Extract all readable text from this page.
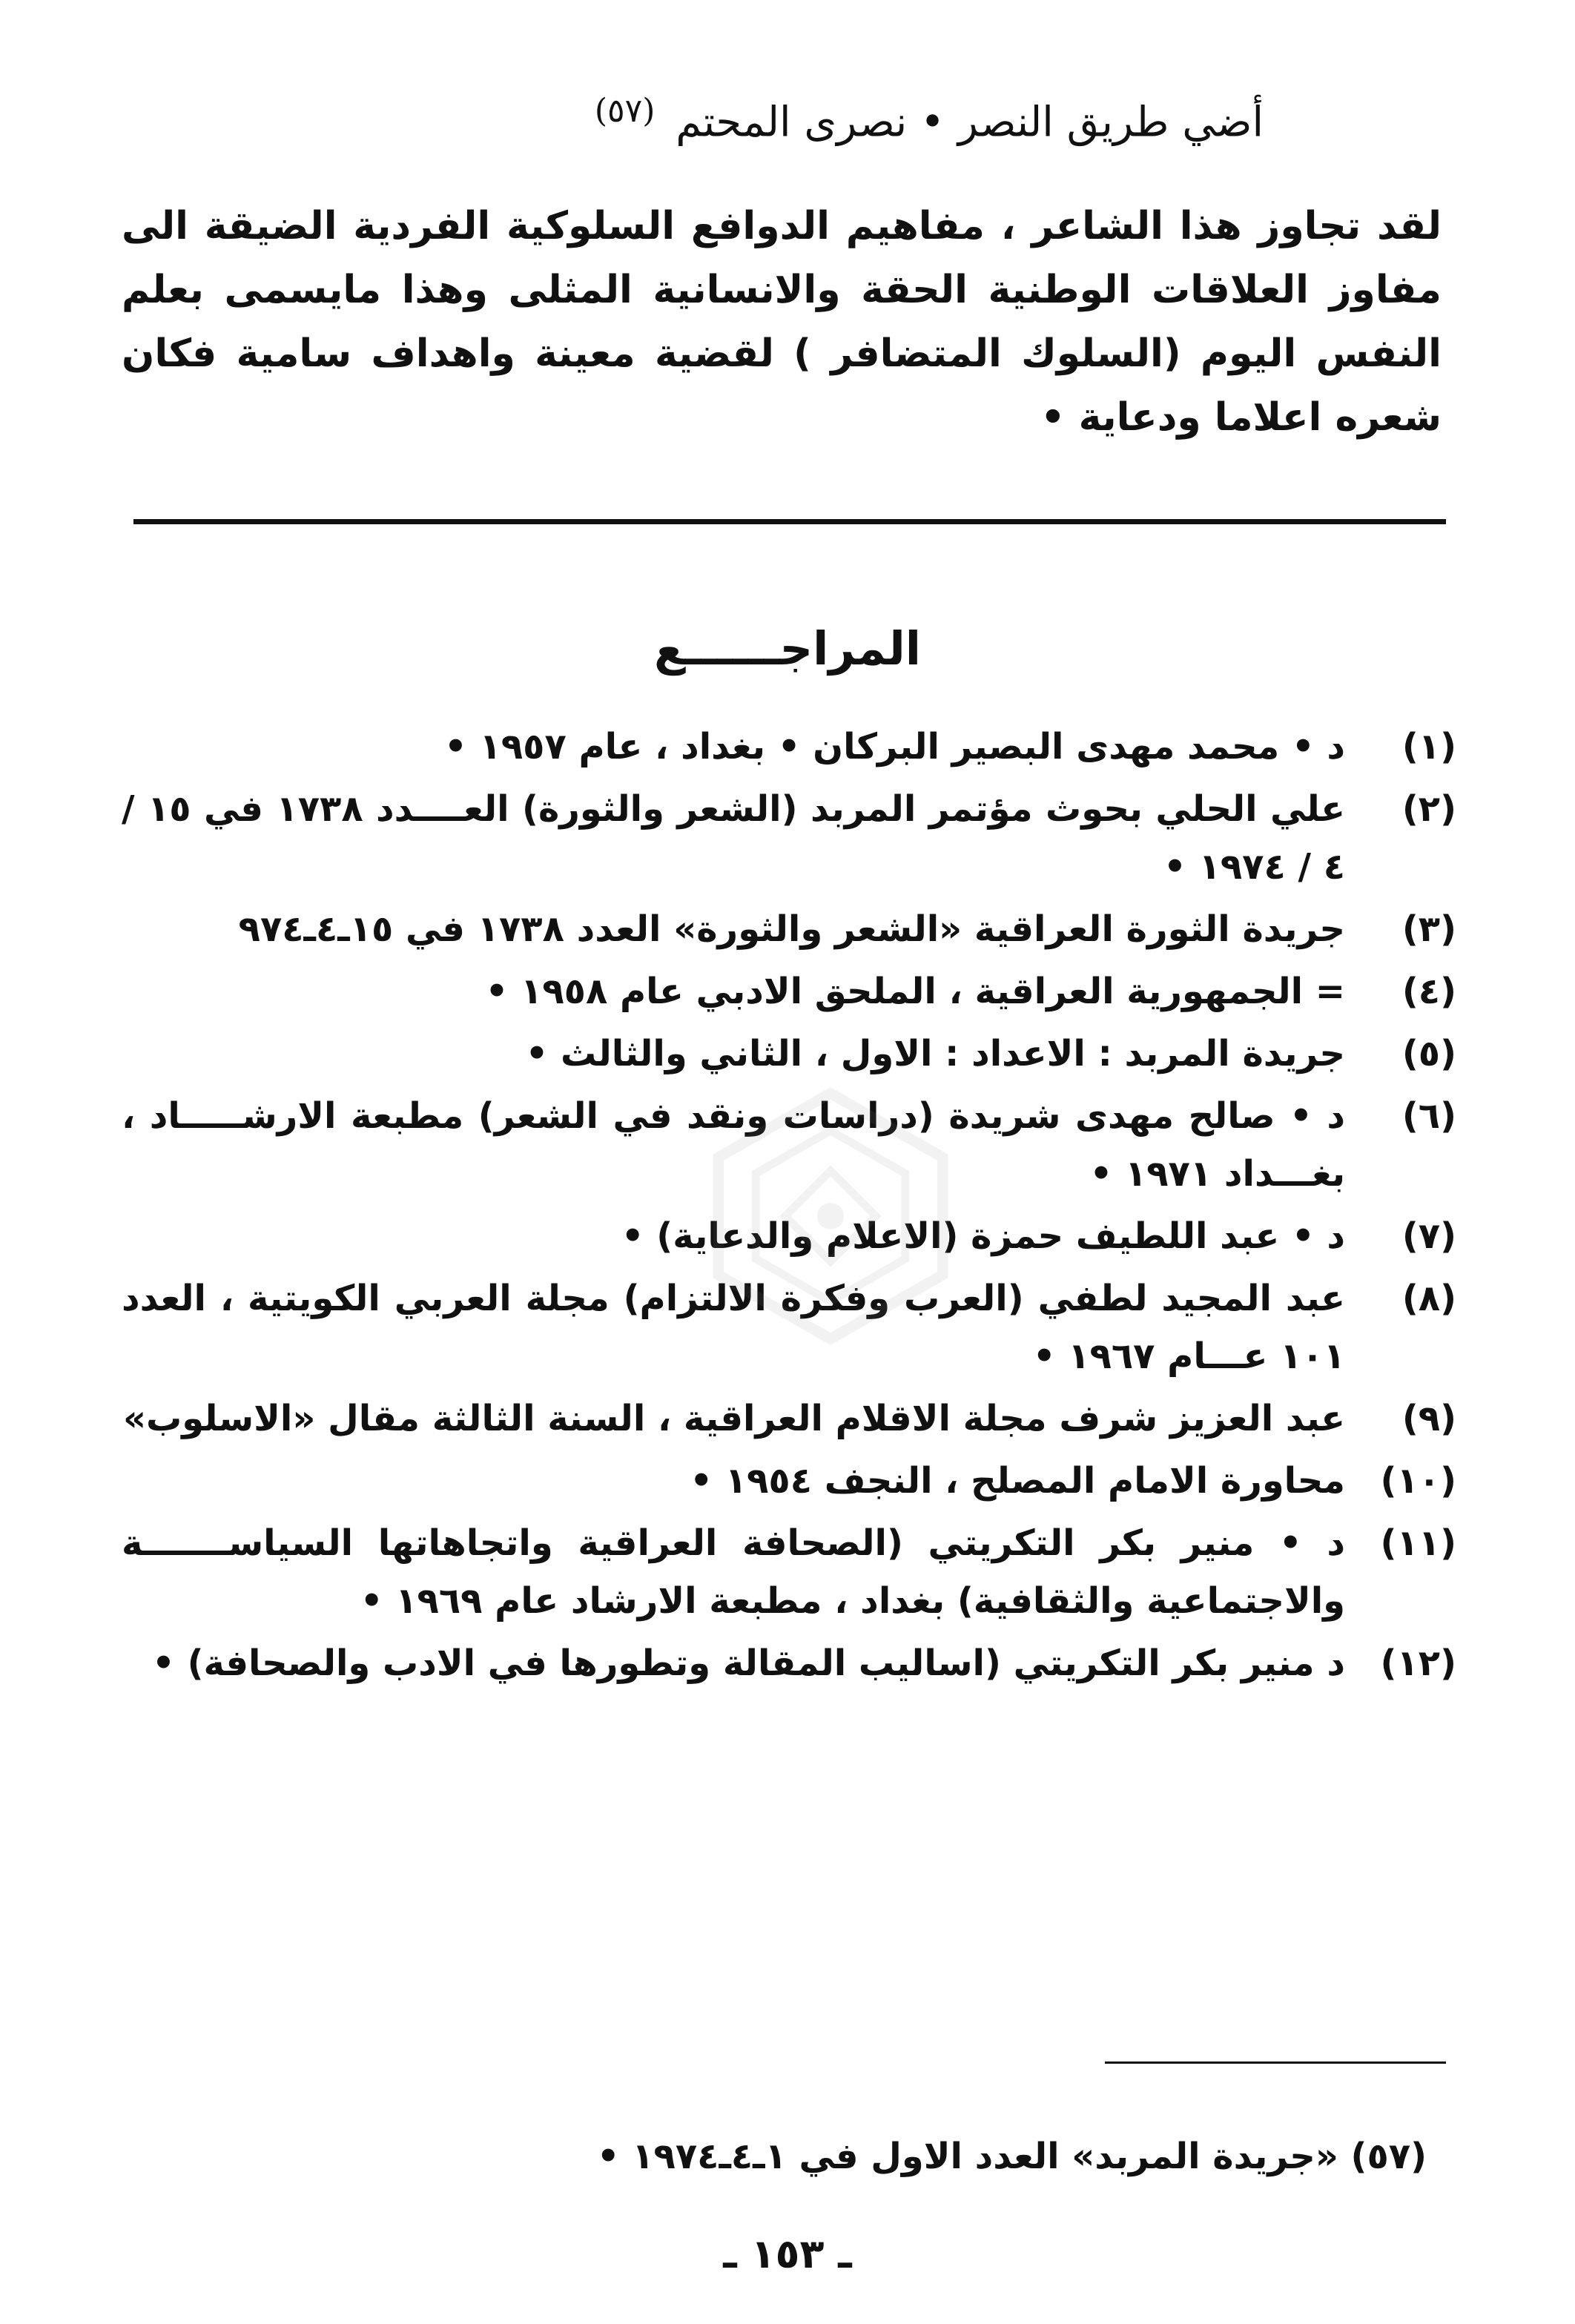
أضي طريق النصر • نصرى المحتم $^{(٥٧)}$
لقد تجاوز هذا الشاعر ، مفاهيم الدوافع السلوكية الفردية الضيقة الى مفاوز العلاقات الوطنية الحقة والانسانية المثلى وهذا مايسمى بعلم النفس اليوم (السلوك المتضافر ) لقضية معينة واهداف سامية فكان شعره اعلاما ودعاية •
المراجــــــع
(١)
د • محمد مهدى البصير البركان • بغداد ، عام ١٩٥٧ •
(٢)
علي الحلي بحوث مؤتمر المربد (الشعر والثورة) العــــدد ١٧٣٨ في ١٥ / ٤ / ١٩٧٤ •
(٣)
جريدة الثورة العراقية «الشعر والثورة» العدد ١٧٣٨ في ١٥ـ٤ـ٩٧٤
(٤)
= الجمهورية العراقية ، الملحق الادبي عام ١٩٥٨ •
(٥)
جريدة المربد : الاعداد : الاول ، الثاني والثالث •
(٦)
د • صالح مهدى شريدة (دراسات ونقد في الشعر) مطبعة الارشـــــاد ، بغـــداد ١٩٧١ •
(٧)
د • عبد اللطيف حمزة (الاعلام والدعاية) •
(٨)
عبد المجيد لطفي (العرب وفكرة الالتزام) مجلة العربي الكويتية ، العدد ١٠١ عـــام ١٩٦٧ •
(٩)
عبد العزيز شرف مجلة الاقلام العراقية ، السنة الثالثة مقال «الاسلوب»
(١٠)
محاورة الامام المصلح ، النجف ١٩٥٤ •
(١١)
د • منير بكر التكريتي (الصحافة العراقية واتجاهاتها السياســـــــة والاجتماعية والثقافية) بغداد ، مطبعة الارشاد عام ١٩٦٩ •
(١٢)
د منير بكر التكريتي (اساليب المقالة وتطورها في الادب والصحافة) •
(٥٧) «جريدة المربد» العدد الاول في ١ـ٤ـ١٩٧٤ •
ـ ١٥٣ ـ
